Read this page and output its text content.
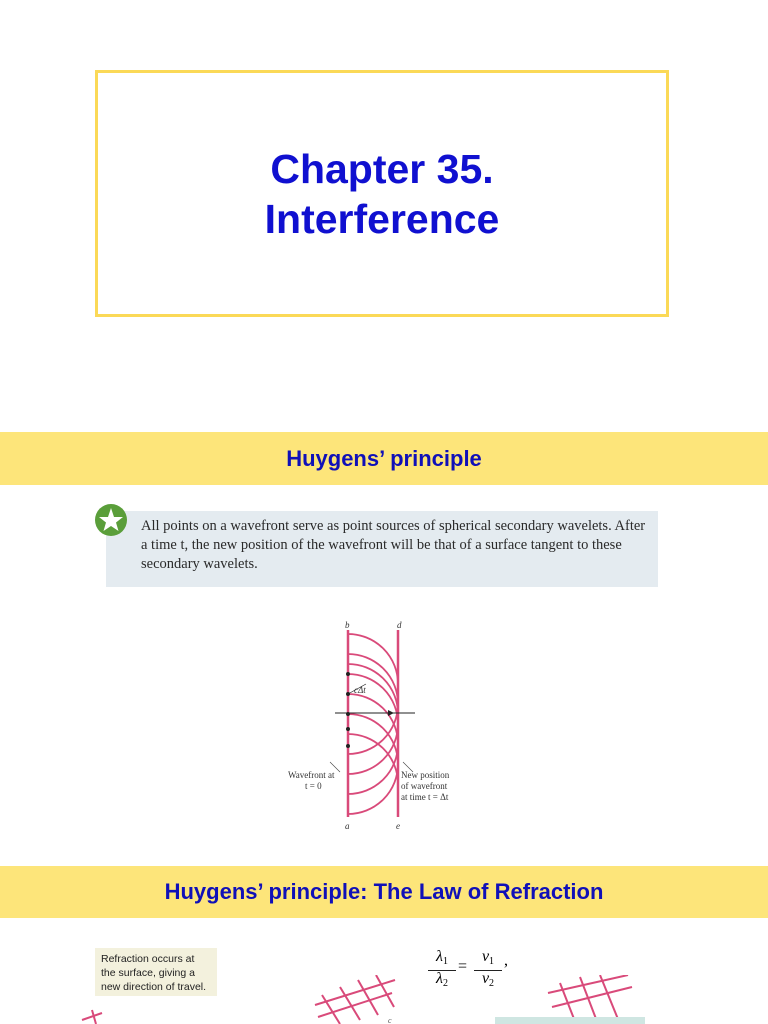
Chapter 35.
Interference
Huygens’ principle

All points on a wavefront serve as point sources of spherical secondary wavelets. After a time t, the new position of the wavefront will be that of a surface tangent to these secondary wavelets.

b	d
cΔt
Wavefront at
t = 0
New position
of wavefront
at time t = Δt
a	e
Huygens’ principle: The Law of Refraction
Refraction occurs at the surface, giving a new direction of travel.
$\lambda_1$
$\lambda_2$
=
$v_1$
$v_2$
,
c
